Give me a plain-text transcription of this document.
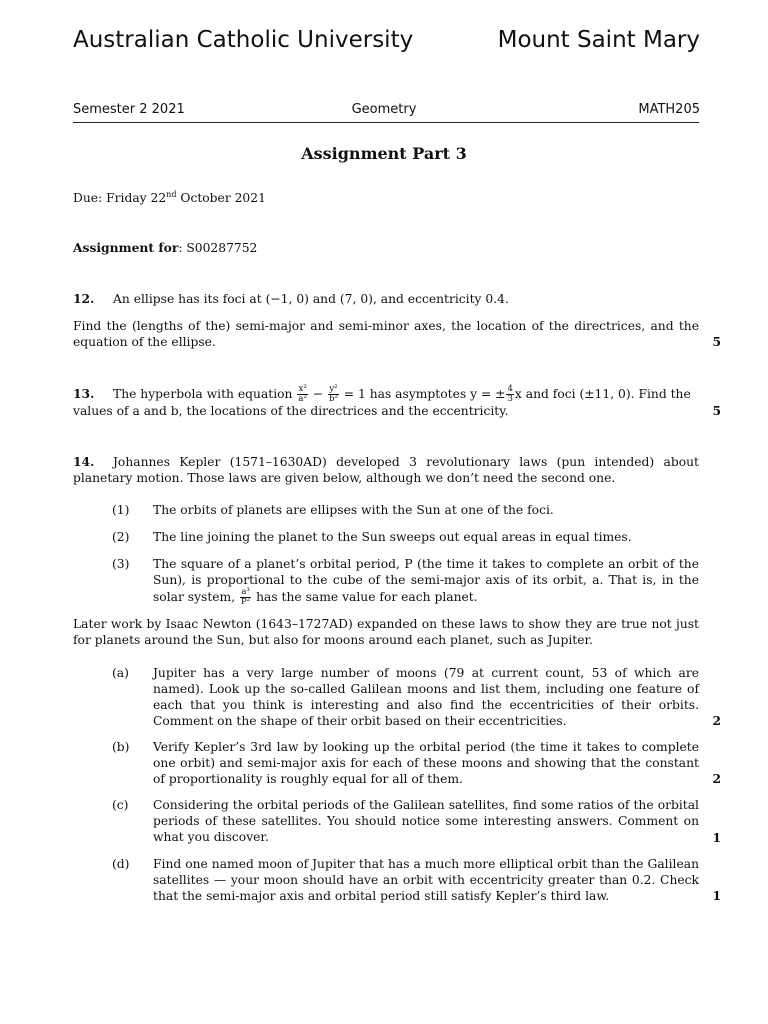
Australian Catholic University	Mount Saint Mary
Semester 2 2021	Geometry	MATH205
Assignment Part 3
Due: Friday 22nd October 2021
Assignment for: S00287752
12. An ellipse has its foci at (−1, 0) and (7, 0), and eccentricity 0.4.
Find the (lengths of the) semi-major and semi-minor axes, the location of the directrices, and the equation of the ellipse.	5
13. The hyperbola with equation $\frac{\text{x²}}{\text{a²}} - \frac{\text{y²}}{\text{b²}} = 1$ has asymptotes y = ± $\frac{4}{3}$ x and foci (±11, 0). Find the
values of a and b, the locations of the directrices and the eccentricity.	5
14. Johannes Kepler (1571–1630AD) developed 3 revolutionary laws (pun intended) about planetary motion. Those laws are given below, although we don’t need the second one.
(1) The orbits of planets are ellipses with the Sun at one of the foci.
(2) The line joining the planet to the Sun sweeps out equal areas in equal times.
(3) The square of a planet’s orbital period, P (the time it takes to complete an orbit of the Sun), is proportional to the cube of the semi-major axis of its orbit, a. That is, in the solar system, $\frac{\text{a³}}{\text{P²}}$ has the same value for each planet.
Later work by Isaac Newton (1643–1727AD) expanded on these laws to show they are true not just for planets around the Sun, but also for moons around each planet, such as Jupiter.
(a) Jupiter has a very large number of moons (79 at current count, 53 of which are named). Look up the so-called Galilean moons and list them, including one feature of each that you think is interesting and also find the eccentricities of their orbits. Comment on the shape of their orbit based on their eccentricities.	2
(b) Verify Kepler’s 3rd law by looking up the orbital period (the time it takes to complete one orbit) and semi-major axis for each of these moons and showing that the constant of proportionality is roughly equal for all of them.	2
(c) Considering the orbital periods of the Galilean satellites, find some ratios of the orbital periods of these satellites. You should notice some interesting answers. Comment on what you discover.	1
(d) Find one named moon of Jupiter that has a much more elliptical orbit than the Galilean satellites — your moon should have an orbit with eccentricity greater than 0.2. Check that the semi-major axis and orbital period still satisfy Kepler’s third law.	1
